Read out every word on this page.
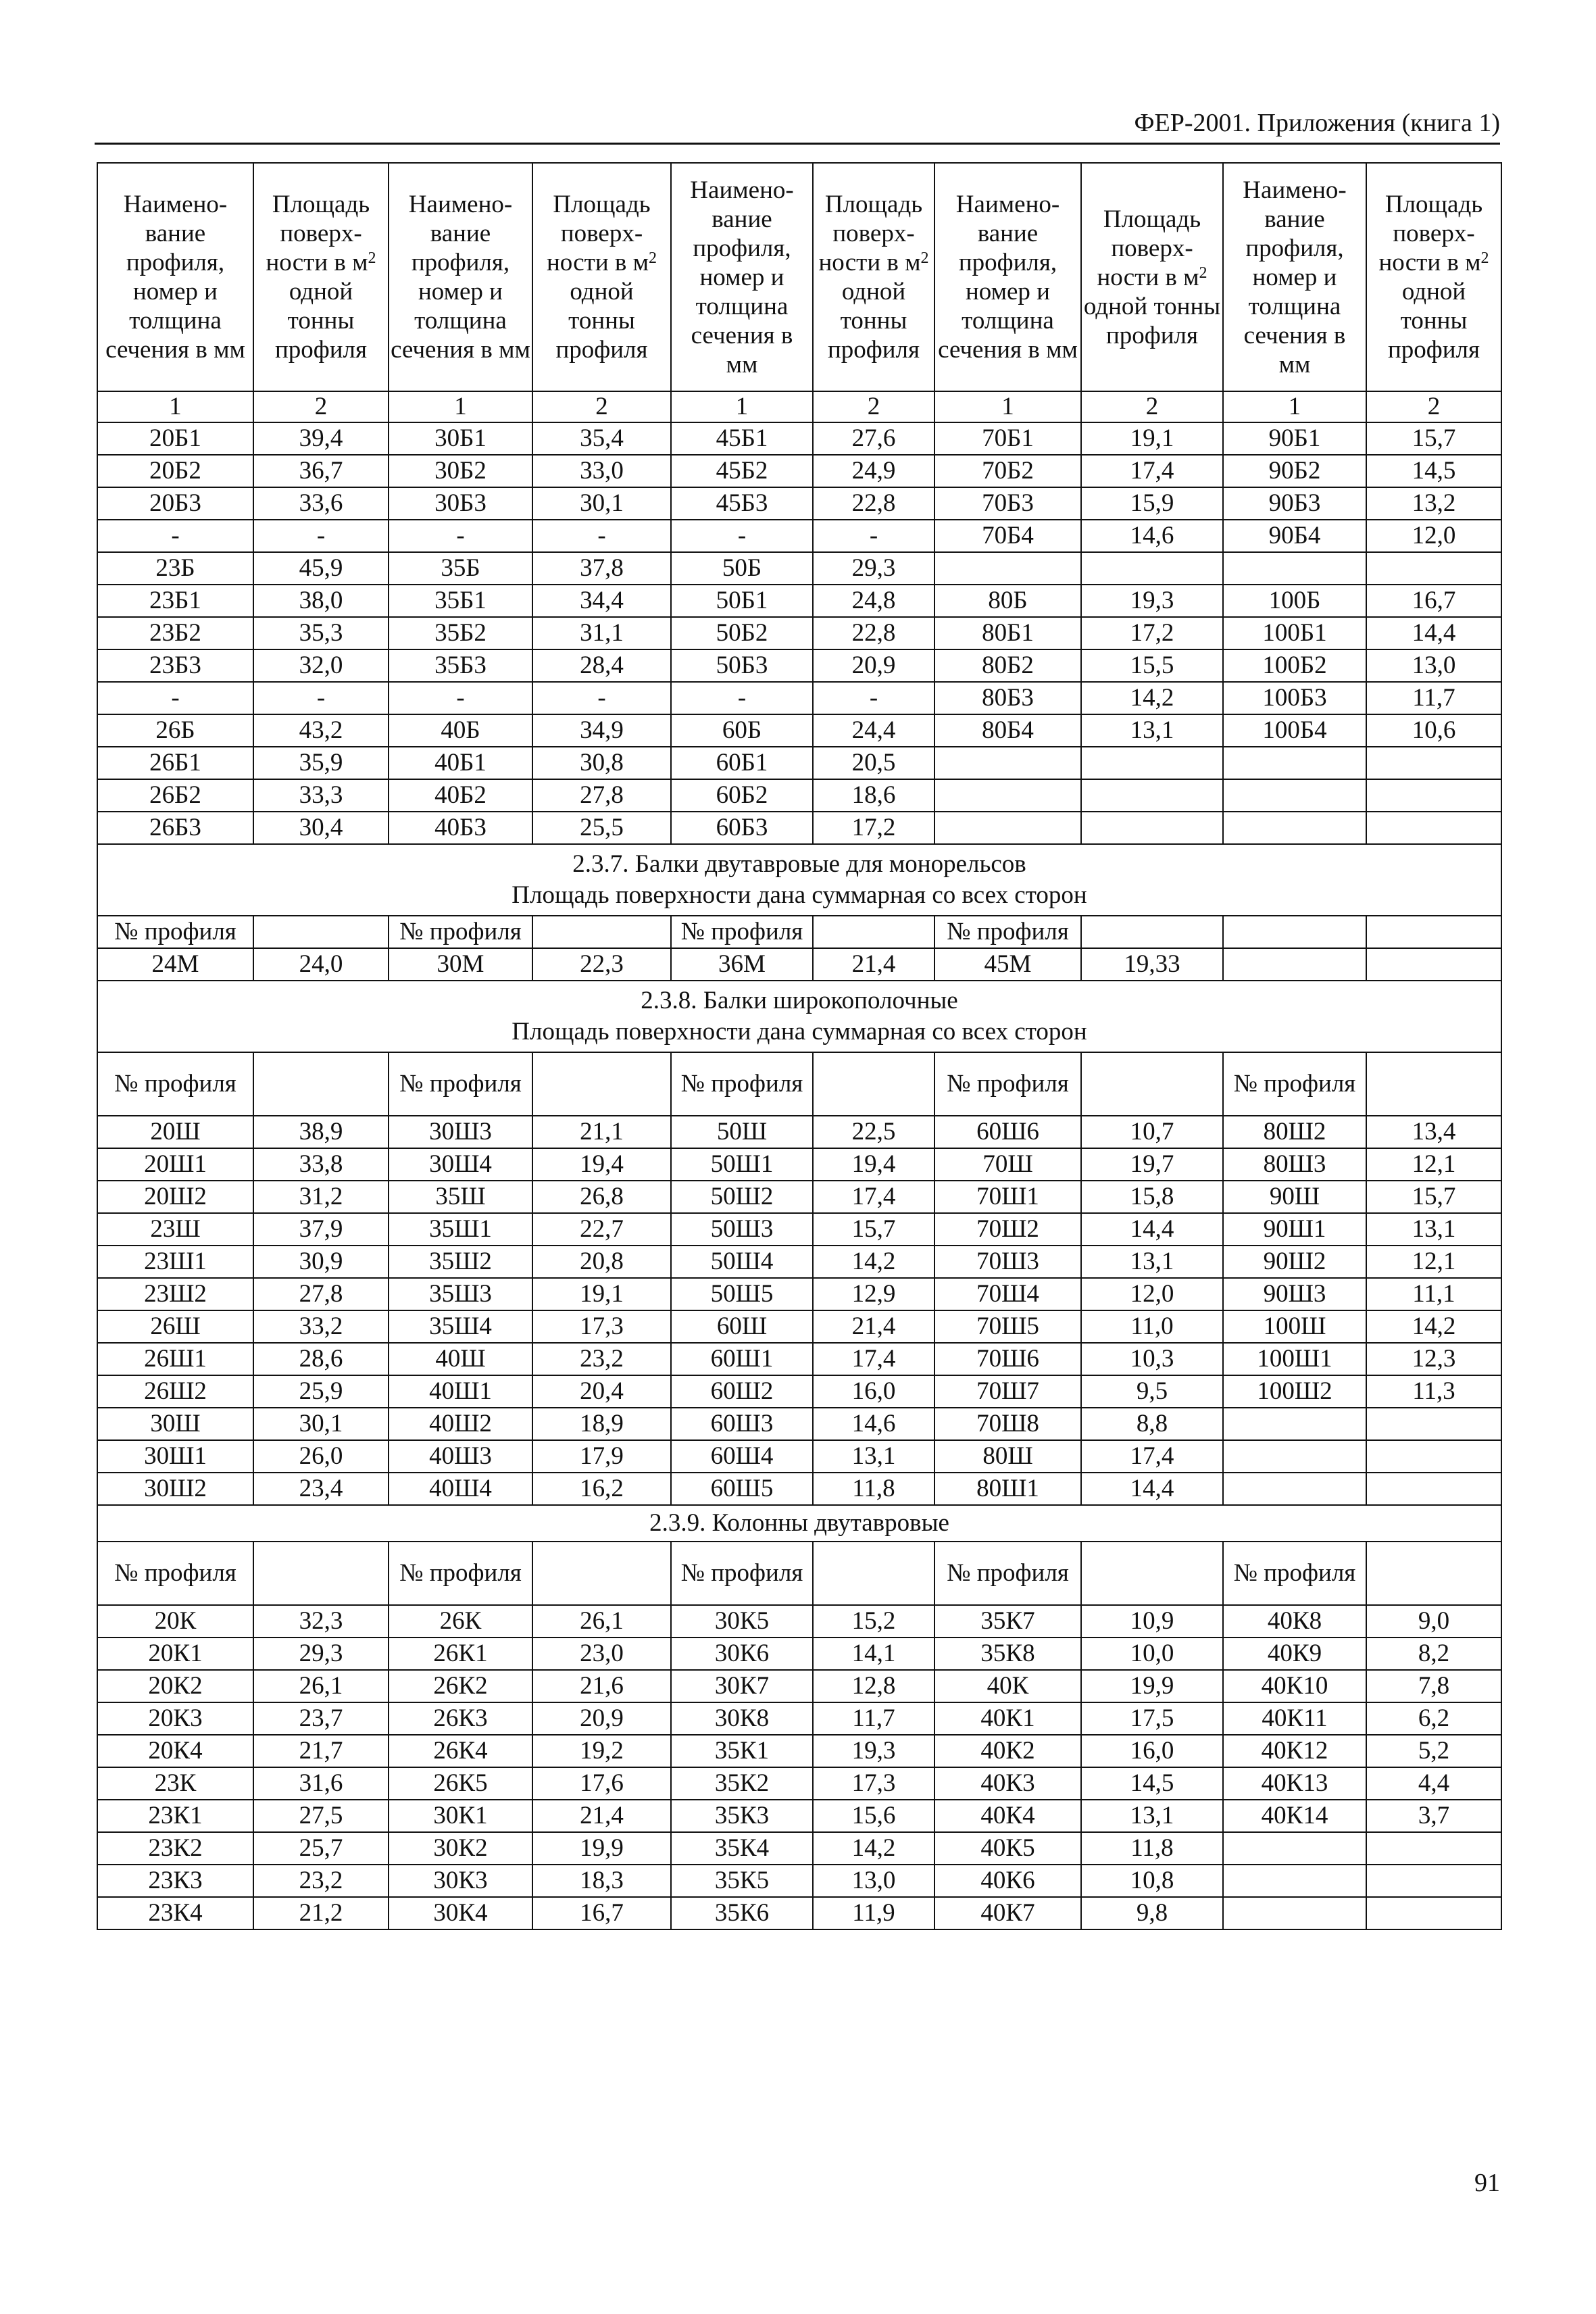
ФЕР-2001. Приложения (книга 1)
Наимено-вание профиля, номер и толщина сечения в мм	Площадь поверх-ности в $м^2$ одной тонны профиля	Наимено-вание профиля, номер и толщина сечения в мм	Площадь поверх-ности в $м^2$ одной тонны профиля	Наимено-вание профиля, номер и толщина сечения в мм	Площадь поверх-ности в $м^2$ одной тонны профиля	Наимено-вание профиля, номер и толщина сечения в мм	Площадь поверх-ности в $м^2$ одной тонны профиля	Наимено-вание профиля, номер и толщина сечения в мм	Площадь поверх-ности в $м^2$ одной тонны профиля
1	2	1	2	1	2	1	2	1	2
20Б1	39,4	30Б1	35,4	45Б1	27,6	70Б1	19,1	90Б1	15,7
20Б2	36,7	30Б2	33,0	45Б2	24,9	70Б2	17,4	90Б2	14,5
20Б3	33,6	30Б3	30,1	45Б3	22,8	70Б3	15,9	90Б3	13,2
-	-	-	-	-	-	70Б4	14,6	90Б4	12,0
23Б	45,9	35Б	37,8	50Б	29,3				
23Б1	38,0	35Б1	34,4	50Б1	24,8	80Б	19,3	100Б	16,7
23Б2	35,3	35Б2	31,1	50Б2	22,8	80Б1	17,2	100Б1	14,4
23Б3	32,0	35Б3	28,4	50Б3	20,9	80Б2	15,5	100Б2	13,0
-	-	-	-	-	-	80Б3	14,2	100Б3	11,7
26Б	43,2	40Б	34,9	60Б	24,4	80Б4	13,1	100Б4	10,6
26Б1	35,9	40Б1	30,8	60Б1	20,5				
26Б2	33,3	40Б2	27,8	60Б2	18,6				
26Б3	30,4	40Б3	25,5	60Б3	17,2				

2.3.7. Балки двутавровые для монорельсов
Площадь поверхности дана суммарная со всех сторон									

№ профиля		№ профиля		№ профиля		№ профиля			
24М	24,0	30М	22,3	36М	21,4	45М	19,33		

2.3.8. Балки широкополочные
Площадь поверхности дана суммарная со всех сторон									

№ профиля		№ профиля		№ профиля		№ профиля		№ профиля	
20Ш	38,9	30Ш3	21,1	50Ш	22,5	60Ш6	10,7	80Ш2	13,4
20Ш1	33,8	30Ш4	19,4	50Ш1	19,4	70Ш	19,7	80Ш3	12,1
20Ш2	31,2	35Ш	26,8	50Ш2	17,4	70Ш1	15,8	90Ш	15,7
23Ш	37,9	35Ш1	22,7	50Ш3	15,7	70Ш2	14,4	90Ш1	13,1
23Ш1	30,9	35Ш2	20,8	50Ш4	14,2	70Ш3	13,1	90Ш2	12,1
23Ш2	27,8	35Ш3	19,1	50Ш5	12,9	70Ш4	12,0	90Ш3	11,1
26Ш	33,2	35Ш4	17,3	60Ш	21,4	70Ш5	11,0	100Ш	14,2
26Ш1	28,6	40Ш	23,2	60Ш1	17,4	70Ш6	10,3	100Ш1	12,3
26Ш2	25,9	40Ш1	20,4	60Ш2	16,0	70Ш7	9,5	100Ш2	11,3
30Ш	30,1	40Ш2	18,9	60Ш3	14,6	70Ш8	8,8		
30Ш1	26,0	40Ш3	17,9	60Ш4	13,1	80Ш	17,4		
30Ш2	23,4	40Ш4	16,2	60Ш5	11,8	80Ш1	14,4		

2.3.9. Колонны двутавровые									

№ профиля		№ профиля		№ профиля		№ профиля		№ профиля	
20К	32,3	26К	26,1	30К5	15,2	35К7	10,9	40К8	9,0
20К1	29,3	26К1	23,0	30К6	14,1	35К8	10,0	40К9	8,2
20К2	26,1	26К2	21,6	30К7	12,8	40К	19,9	40К10	7,8
20К3	23,7	26К3	20,9	30К8	11,7	40К1	17,5	40К11	6,2
20К4	21,7	26К4	19,2	35К1	19,3	40К2	16,0	40К12	5,2
23К	31,6	26К5	17,6	35К2	17,3	40К3	14,5	40К13	4,4
23К1	27,5	30К1	21,4	35К3	15,6	40К4	13,1	40К14	3,7
23К2	25,7	30К2	19,9	35К4	14,2	40К5	11,8		
23К3	23,2	30К3	18,3	35К5	13,0	40К6	10,8		
23К4	21,2	30К4	16,7	35К6	11,9	40К7	9,8		
91
